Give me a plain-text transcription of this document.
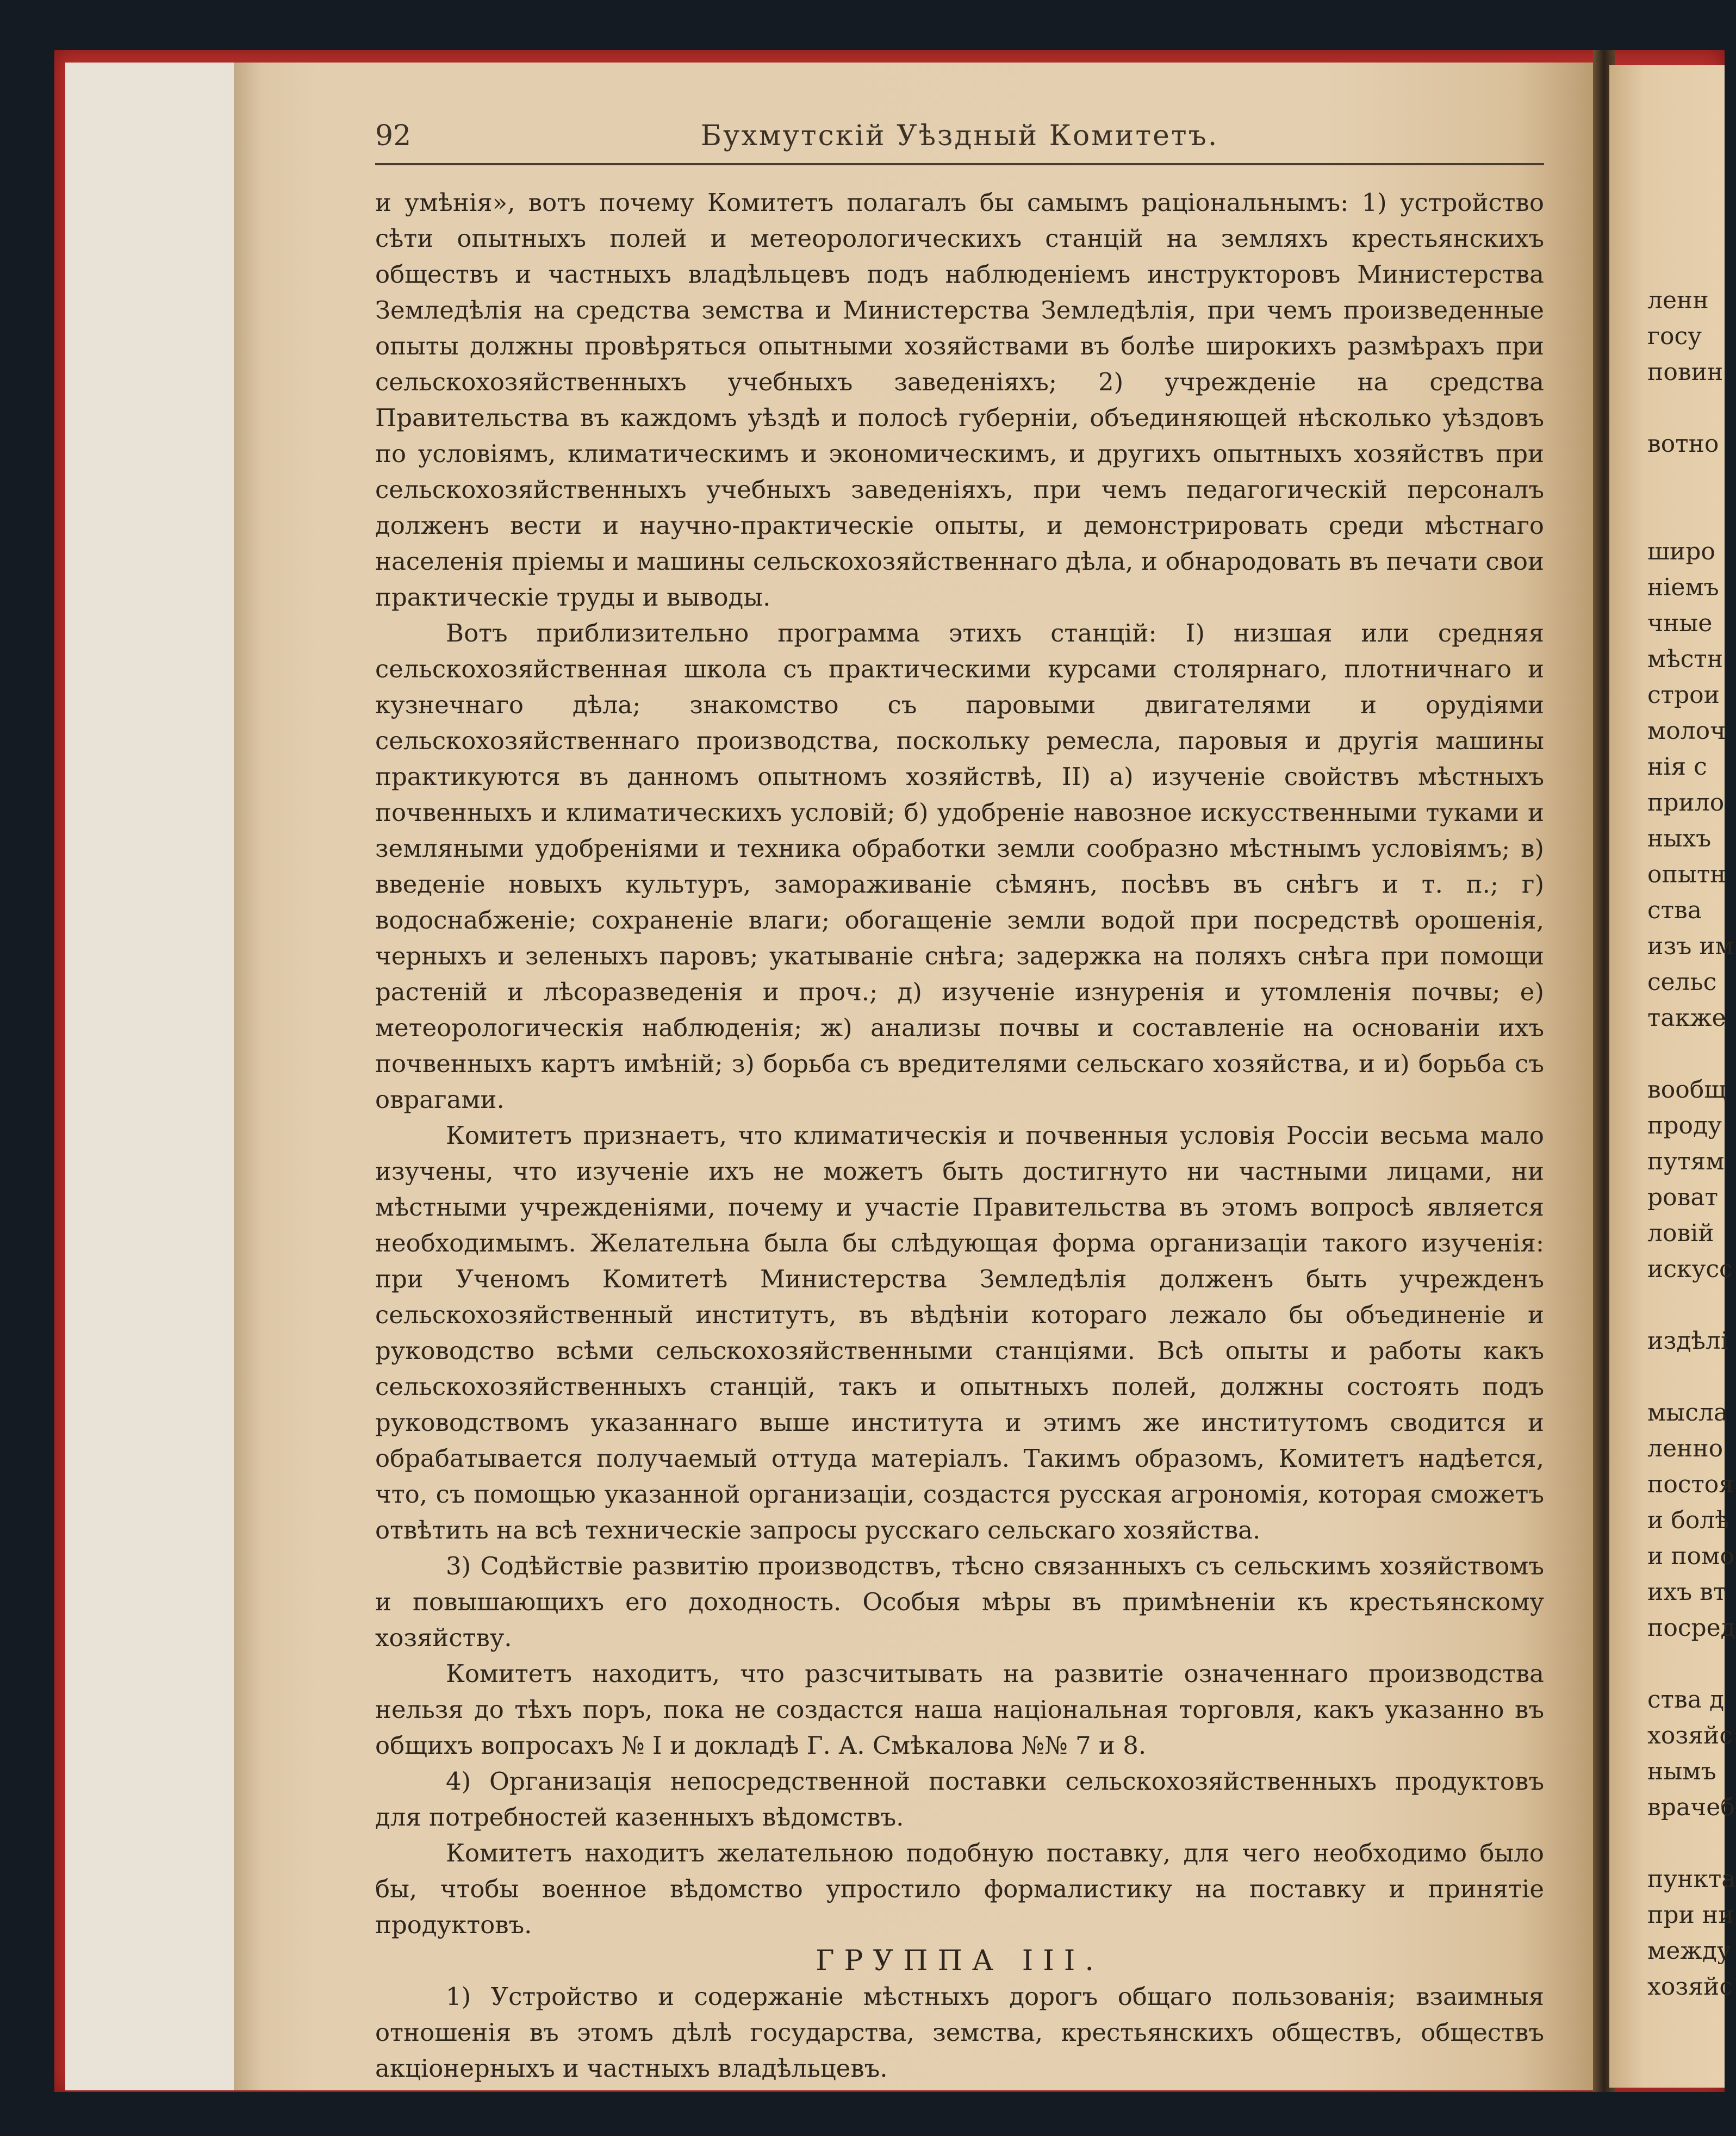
ленн
госу
повин
вотно
широ
ніемъ
чные
мѣстн
строи
молоч
нія с
прило
ныхъ
опытн
ства
изъ им
сельс
также
вообщ
проду
путям
роват
ловій
искусс
издѣлі
мысла
ленно
постоя
и болѣ
и помо
ихъ вт
посред
ства д
хозяйс
нымъ
врачеб
пункта
при ни
между
хозяйс
92	Бухмутскій Уѣздный Комитетъ.

и умѣнія», вотъ почему Комитетъ полагалъ бы самымъ раціональнымъ: 1) устройство сѣти опытныхъ полей и метеорологическихъ станцій на земляхъ крестьянскихъ обществъ и частныхъ владѣльцевъ подъ наблюденіемъ инструкторовъ Министерства Земледѣлія на средства земства и Министерства Земледѣлія, при чемъ произведенные опыты должны провѣряться опытными хозяйствами въ болѣе широкихъ размѣрахъ при сельскохозяйственныхъ учебныхъ заведеніяхъ; 2) учрежденіе на средства Правительства въ каждомъ уѣздѣ и полосѣ губерніи, объединяющей нѣсколько уѣздовъ по условіямъ, климатическимъ и экономическимъ, и другихъ опытныхъ хозяйствъ при сельскохозяйственныхъ учебныхъ заведеніяхъ, при чемъ педагогическій персоналъ долженъ вести и научно-практическіе опыты, и демонстрировать среди мѣстнаго населенія пріемы и машины сельскохозяйственнаго дѣла, и обнародовать въ печати свои практическіе труды и выводы.

Вотъ приблизительно программа этихъ станцій: I) низшая или средняя сельскохозяйственная школа съ практическими курсами столярнаго, плотничнаго и кузнечнаго дѣла; знакомство съ паровыми двигателями и орудіями сельскохозяйственнаго производства, поскольку ремесла, паровыя и другія машины практикуются въ данномъ опытномъ хозяйствѣ, II) а) изученіе свойствъ мѣстныхъ почвенныхъ и климатическихъ условій; б) удобреніе навозное искусственными туками и земляными удобреніями и техника обработки земли сообразно мѣстнымъ условіямъ; в) введеніе новыхъ культуръ, замораживаніе сѣмянъ, посѣвъ въ снѣгъ и т. п.; г) водоснабженіе; сохраненіе влаги; обогащеніе земли водой при посредствѣ орошенія, черныхъ и зеленыхъ паровъ; укатываніе снѣга; задержка на поляхъ снѣга при помощи растеній и лѣсоразведенія и проч.; д) изученіе изнуренія и утомленія почвы; е) метеорологическія наблюденія; ж) анализы почвы и составленіе на основаніи ихъ почвенныхъ картъ имѣній; з) борьба съ вредителями сельскаго хозяйства, и и) борьба съ оврагами.

Комитетъ признаетъ, что климатическія и почвенныя условія Россіи весьма мало изучены, что изученіе ихъ не можетъ быть достигнуто ни частными лицами, ни мѣстными учрежденіями, почему и участіе Правительства въ этомъ вопросѣ является необходимымъ. Желательна была бы слѣдующая форма организаціи такого изученія: при Ученомъ Комитетѣ Министерства Земледѣлія долженъ быть учрежденъ сельскохозяйственный институтъ, въ вѣдѣніи котораго лежало бы объединеніе и руководство всѣми сельскохозяйственными станціями. Всѣ опыты и работы какъ сельскохозяйственныхъ станцій, такъ и опытныхъ полей, должны состоять подъ руководствомъ указаннаго выше института и этимъ же институтомъ сводится и обрабатывается получаемый оттуда матеріалъ. Такимъ образомъ, Комитетъ надѣется, что, съ помощью указанной организаціи, создастся русская агрономія, которая сможетъ отвѣтить на всѣ техническіе запросы русскаго сельскаго хозяйства.

3) Содѣйствіе развитію производствъ, тѣсно связанныхъ съ сельскимъ хозяйствомъ и повышающихъ его доходность. Особыя мѣры въ примѣненіи къ крестьянскому хозяйству.

Комитетъ находитъ, что разсчитывать на развитіе означеннаго производства нельзя до тѣхъ поръ, пока не создастся наша національная торговля, какъ указанно въ общихъ вопросахъ № I и докладѣ Г. А. Смѣкалова №№ 7 и 8.

4) Организація непосредственной поставки сельскохозяйственныхъ продуктовъ для потребностей казенныхъ вѣдомствъ.

Комитетъ находитъ желательною подобную поставку, для чего необходимо было бы, чтобы военное вѣдомство упростило формалистику на поставку и принятіе продуктовъ.

ГРУППА III.

1) Устройство и содержаніе мѣстныхъ дорогъ общаго пользованія; взаимныя отношенія въ этомъ дѣлѣ государства, земства, крестьянскихъ обществъ, обществъ акціонерныхъ и частныхъ владѣльцевъ.
